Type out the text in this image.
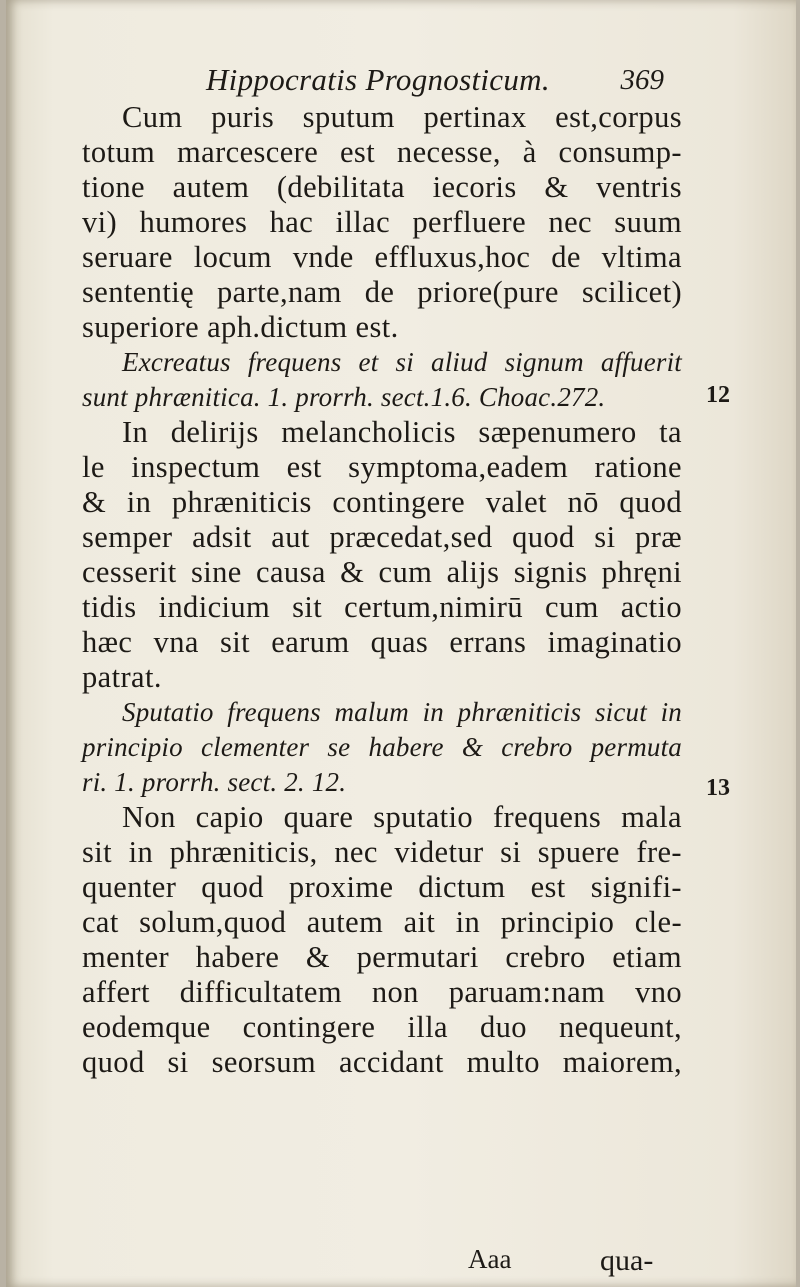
Hippocratis Prognosticum. 369
Cum puris sputum pertinax est,corpus
totum marcescere est necesse, à consump-
tione autem (debilitata iecoris & ventris
vi) humores hac illac perfluere nec suum
seruare locum vnde effluxus,hoc de vltima
sententię parte,nam de priore(pure scilicet)
superiore aph.dictum est.
Excreatus frequens et si aliud signum affuerit
sunt phrænitica. 1. prorrh. sect.1.6. Choac.272.
In delirijs melancholicis sæpenumero ta
le inspectum est symptoma,eadem ratione
& in phræniticis contingere valet nō quod
semper adsit aut præcedat,sed quod si præ
cesserit sine causa & cum alijs signis phręni
tidis indicium sit certum,nimirū cum actio
hæc vna sit earum quas errans imaginatio
patrat.
Sputatio frequens malum in phræniticis sicut in
principio clementer se habere & crebro permuta
ri. 1. prorrh. sect. 2. 12.
Non capio quare sputatio frequens mala
sit in phræniticis, nec videtur si spuere fre-
quenter quod proxime dictum est signifi-
cat solum,quod autem ait in principio cle-
menter habere & permutari crebro etiam
affert difficultatem non paruam:nam vno
eodemque contingere illa duo nequeunt,
quod si seorsum accidant multo maiorem,
12
13
Aaa	qua-
